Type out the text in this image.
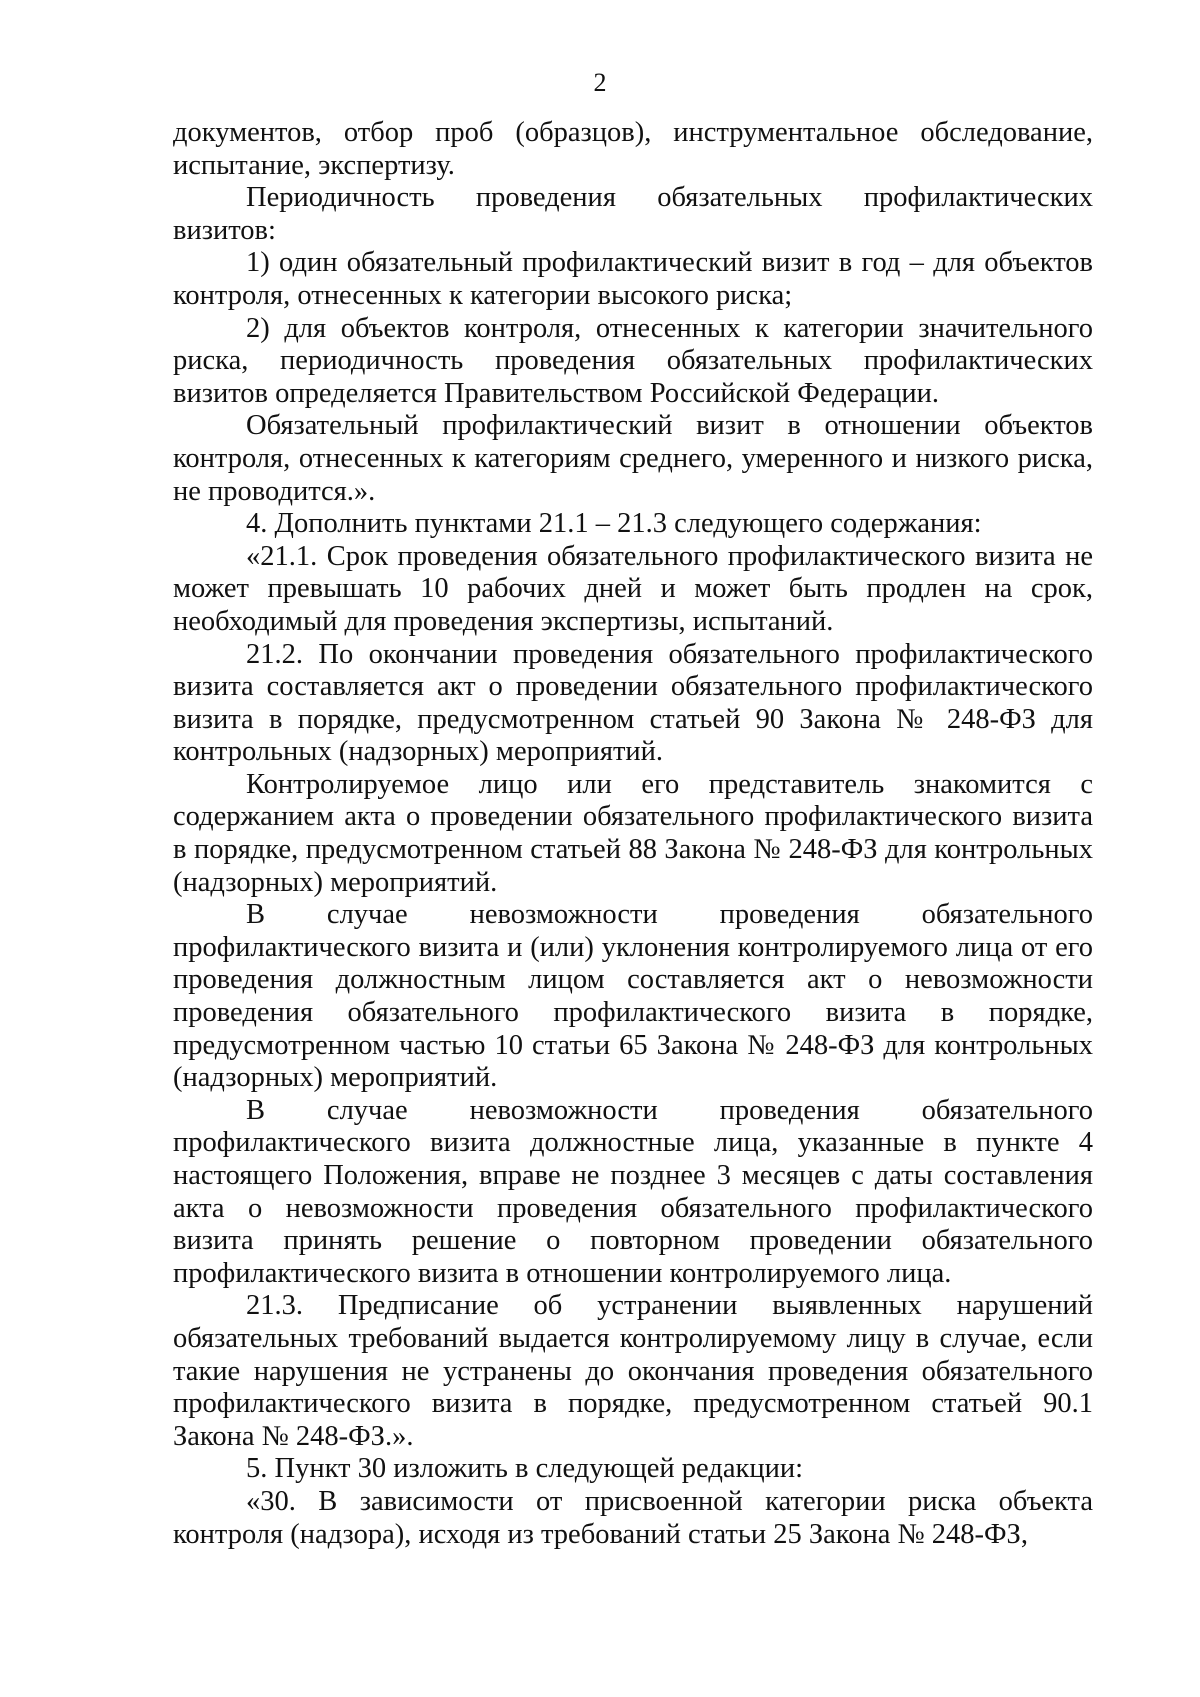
2

документов, отбор проб (образцов), инструментальное обследование, испытание, экспертизу.

Периодичность проведения обязательных профилактических визитов:

1) один обязательный профилактический визит в год – для объектов контроля, отнесенных к категории высокого риска;

2) для объектов контроля, отнесенных к категории значительного риска, периодичность проведения обязательных профилактических визитов определяется Правительством Российской Федерации.

Обязательный профилактический визит в отношении объектов контроля, отнесенных к категориям среднего, умеренного и низкого риска, не проводится.».

4. Дополнить пунктами 21.1 – 21.3 следующего содержания:

«21.1. Срок проведения обязательного профилактического визита не может превышать 10 рабочих дней и может быть продлен на срок, необходимый для проведения экспертизы, испытаний.

21.2. По окончании проведения обязательного профилактического визита составляется акт о проведении обязательного профилактического визита в порядке, предусмотренном статьей 90 Закона № 248-ФЗ для контрольных (надзорных) мероприятий.

Контролируемое лицо или его представитель знакомится с содержанием акта о проведении обязательного профилактического визита в порядке, предусмотренном статьей 88 Закона № 248-ФЗ для контрольных (надзорных) мероприятий.

В случае невозможности проведения обязательного профилактического визита и (или) уклонения контролируемого лица от его проведения должностным лицом составляется акт о невозможности проведения обязательного профилактического визита в порядке, предусмотренном частью 10 статьи 65 Закона № 248-ФЗ для контрольных (надзорных) мероприятий.

В случае невозможности проведения обязательного профилактического визита должностные лица, указанные в пункте 4 настоящего Положения, вправе не позднее 3 месяцев с даты составления акта о невозможности проведения обязательного профилактического визита принять решение о повторном проведении обязательного профилактического визита в отношении контролируемого лица.

21.3. Предписание об устранении выявленных нарушений обязательных требований выдается контролируемому лицу в случае, если такие нарушения не устранены до окончания проведения обязательного профилактического визита в порядке, предусмотренном статьей 90.1 Закона № 248-ФЗ.».

5. Пункт 30 изложить в следующей редакции:

«30. В зависимости от присвоенной категории риска объекта контроля (надзора), исходя из требований статьи 25 Закона № 248-ФЗ,
